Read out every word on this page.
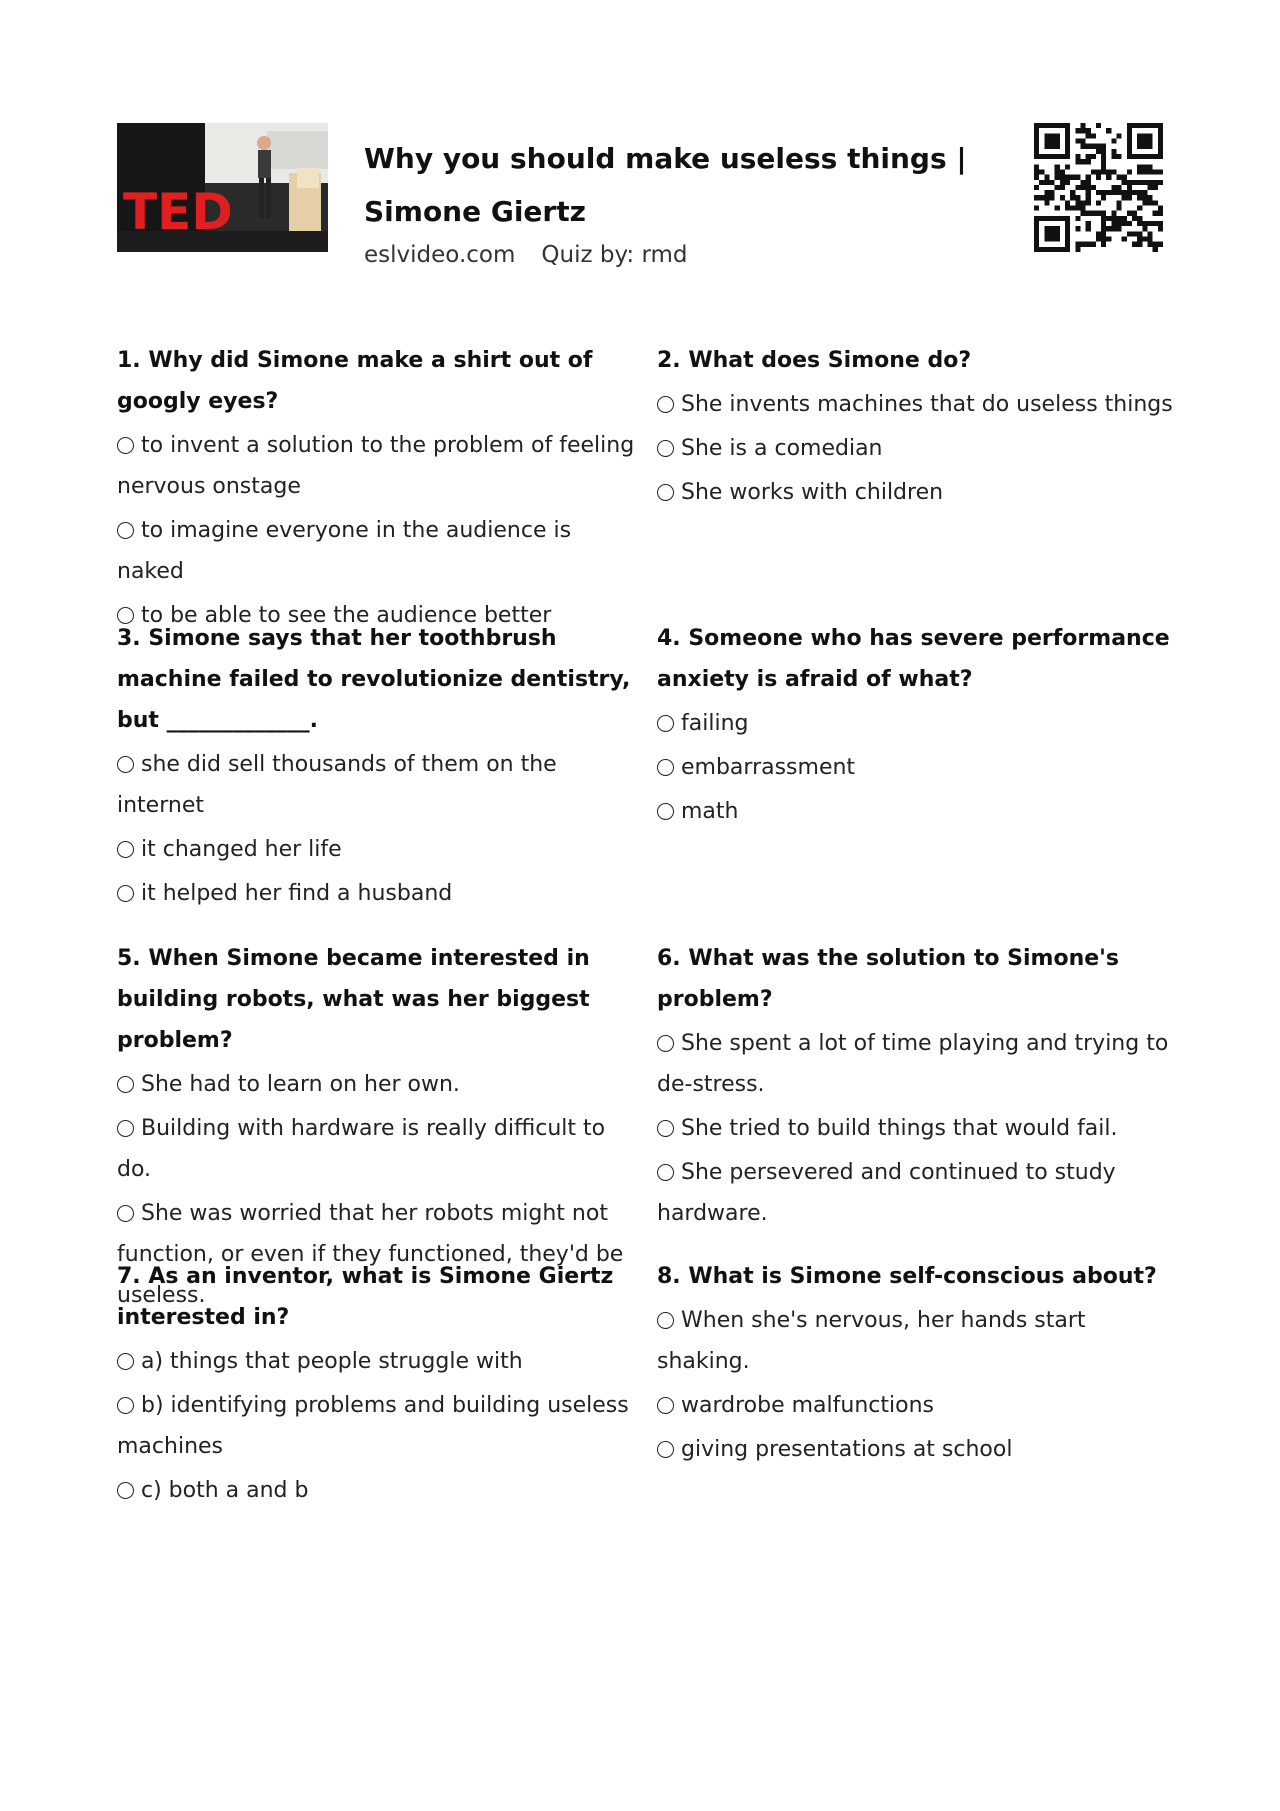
TED
Why you should make useless things |
Simone Giertz
eslvideo.com Quiz by: rmd
1. Why did Simone make a shirt out of googly eyes?
to invent a solution to the problem of feeling nervous onstage
to imagine everyone in the audience is naked
to be able to see the audience better
2. What does Simone do?
She invents machines that do useless things
She is a comedian
She works with children
3. Simone says that her toothbrush machine failed to revolutionize dentistry, but _____________.
she did sell thousands of them on the internet
it changed her life
it helped her find a husband
4. Someone who has severe performance anxiety is afraid of what?
failing
embarrassment
math
5. When Simone became interested in building robots, what was her biggest problem?
She had to learn on her own.
Building with hardware is really difficult to do.
She was worried that her robots might not function, or even if they functioned, they'd be useless.
6. What was the solution to Simone's problem?
She spent a lot of time playing and trying to de-stress.
She tried to build things that would fail.
She persevered and continued to study hardware.
7. As an inventor, what is Simone Giertz interested in?
a) things that people struggle with
b) identifying problems and building useless machines
c) both a and b
8. What is Simone self-conscious about?
When she's nervous, her hands start shaking.
wardrobe malfunctions
giving presentations at school
